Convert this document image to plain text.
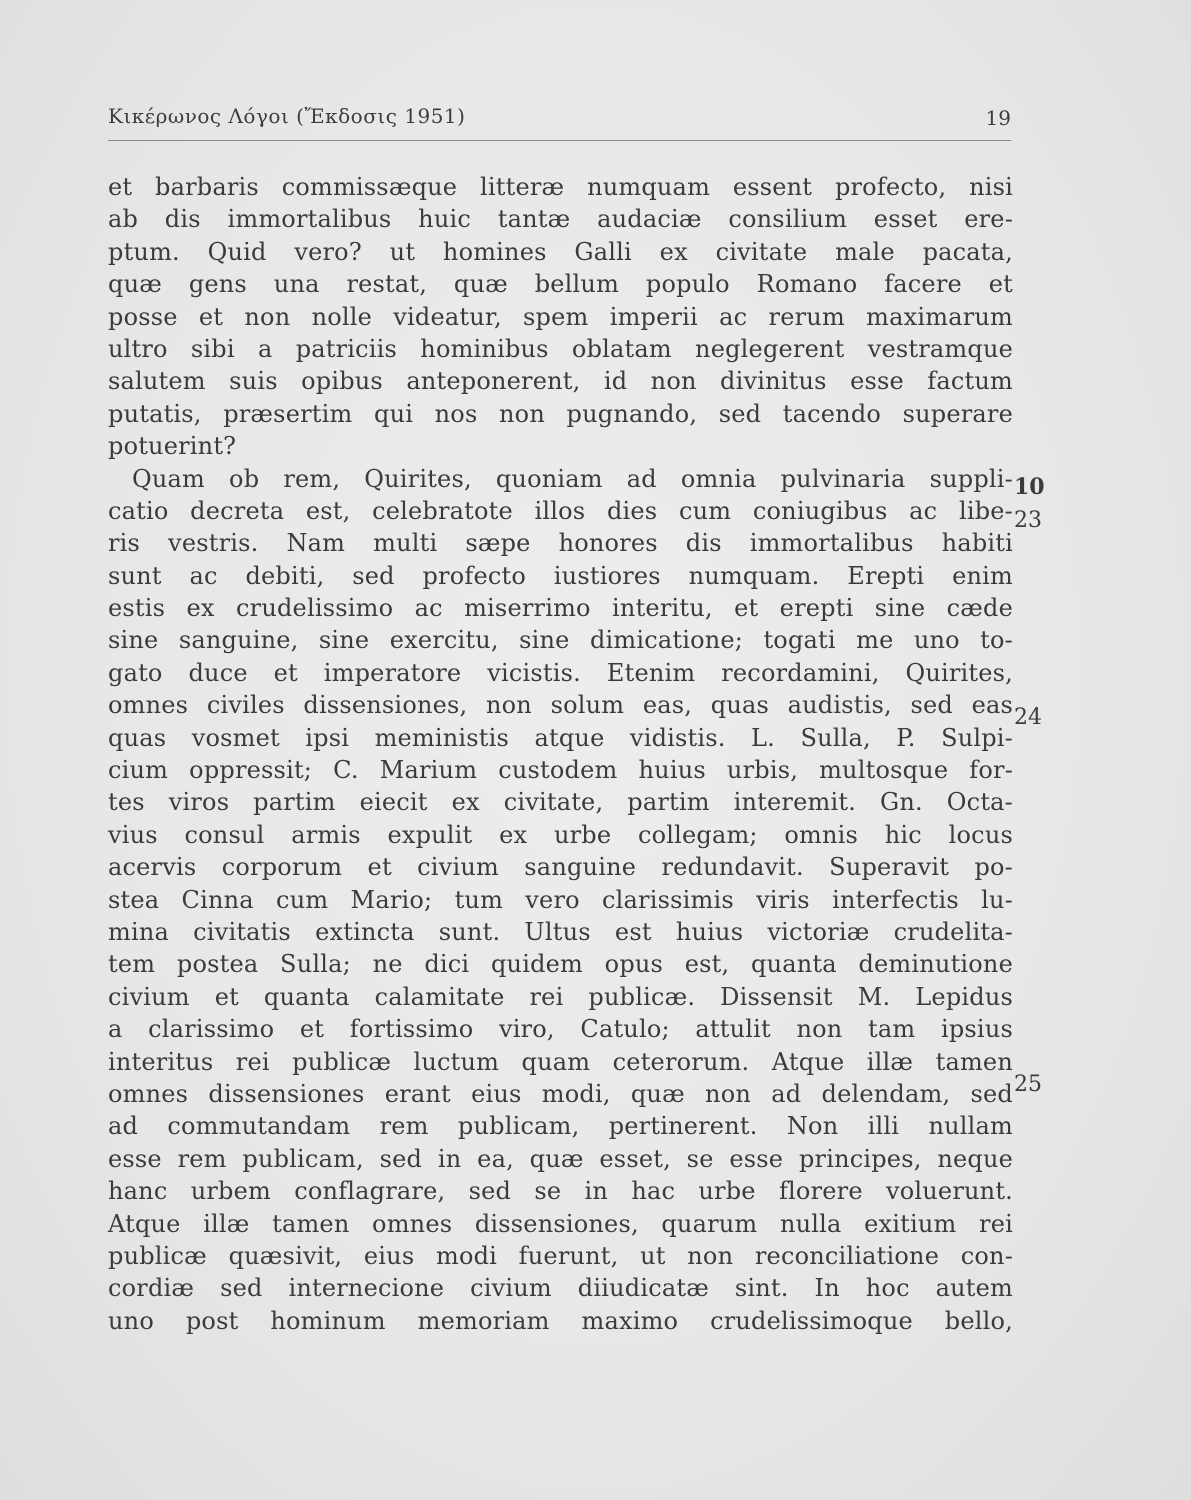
Κικέρωνος Λόγοι (Ἔκδοσις 1951)	19
et barbaris commissæque litteræ numquam essent profecto, nisi
ab dis immortalibus huic tantæ audaciæ consilium esset ere-
ptum. Quid vero? ut homines Galli ex civitate male pacata,
quæ gens una restat, quæ bellum populo Romano facere et
posse et non nolle videatur, spem imperii ac rerum maximarum
ultro sibi a patriciis hominibus oblatam neglegerent vestramque
salutem suis opibus anteponerent, id non divinitus esse factum
putatis, præsertim qui nos non pugnando, sed tacendo superare
potuerint?
Quam ob rem, Quirites, quoniam ad omnia pulvinaria suppli-
catio decreta est, celebratote illos dies cum coniugibus ac libe-
ris vestris. Nam multi sæpe honores dis immortalibus habiti
sunt ac debiti, sed profecto iustiores numquam. Erepti enim
estis ex crudelissimo ac miserrimo interitu, et erepti sine cæde
sine sanguine, sine exercitu, sine dimicatione; togati me uno to-
gato duce et imperatore vicistis. Etenim recordamini, Quirites,
omnes civiles dissensiones, non solum eas, quas audistis, sed eas
quas vosmet ipsi meministis atque vidistis. L. Sulla, P. Sulpi-
cium oppressit; C. Marium custodem huius urbis, multosque for-
tes viros partim eiecit ex civitate, partim interemit. Gn. Octa-
vius consul armis expulit ex urbe collegam; omnis hic locus
acervis corporum et civium sanguine redundavit. Superavit po-
stea Cinna cum Mario; tum vero clarissimis viris interfectis lu-
mina civitatis extincta sunt. Ultus est huius victoriæ crudelita-
tem postea Sulla; ne dici quidem opus est, quanta deminutione
civium et quanta calamitate rei publicæ. Dissensit M. Lepidus
a clarissimo et fortissimo viro, Catulo; attulit non tam ipsius
interitus rei publicæ luctum quam ceterorum. Atque illæ tamen
omnes dissensiones erant eius modi, quæ non ad delendam, sed
ad commutandam rem publicam, pertinerent. Non illi nullam
esse rem publicam, sed in ea, quæ esset, se esse principes, neque
hanc urbem conflagrare, sed se in hac urbe florere voluerunt.
Atque illæ tamen omnes dissensiones, quarum nulla exitium rei
publicæ quæsivit, eius modi fuerunt, ut non reconciliatione con-
cordiæ sed internecione civium diiudicatæ sint. In hoc autem
uno post hominum memoriam maximo crudelissimoque bello,
10
23
24
25
